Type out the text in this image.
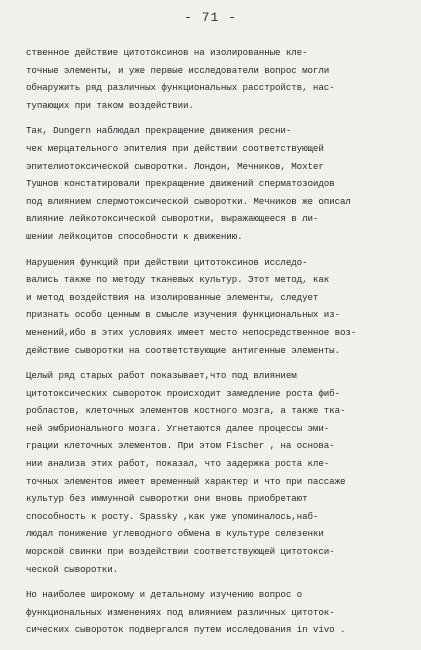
- 71 -
ственное действие цитотоксинов на изолированные кле-
точные элементы, и уже первые исследователи вопрос могли
обнаружить ряд различных функциональных расстройств, нас-
тупающих при таком воздействии.
Так, Dungern наблюдал прекращение движения ресни-
чек мерцательного эпителия при действии соответствующей
эпителиотоксической сыворотки. Лондон, Мечников, Moxter
Тушнов констатировали прекращение движений сперматозоидов
под влиянием спермотоксической сыворотки. Мечников же описал
влияние лейкотоксической сыворотки, выражающееся в ли-
шении лейкоцитов способности к движению.
Нарушения функций при действии цитотоксинов исследо-
вались также по методу тканевых культур. Этот метод, как
и метод воздействия на изолированные элементы, следует
признать особо ценным в смысле изучения функциональных из-
менений,ибо в этих условиях имеет место непосредственное воз-
действие сыворотки на соответствующие антигенные элементы.
Целый ряд старых работ показывает,что под влиянием
цитотоксических сывороток происходит замедление роста фиб-
робластов, клеточных элементов костного мозга, а также тка-
ней эмбрионального мозга. Угнетаются далее процессы эми-
грации клеточных элементов. При этом Fischer , на основа-
нии анализа этих работ, показал, что задержка роста кле-
точных элементов имеет временный характер и что при пассаже
культур без иммунной сыворотки они вновь приобретают
способность к росту. Spassky ,как уже упоминалось,наб-
людал понижение углеводного обмена в культуре селезенки
морской свинки при воздействии соответствующей цитотокси-
ческой сыворотки.
Но наиболее широкому и детальному изучению вопрос о
функциональных изменениях под влиянием различных цитоток-
сических сывороток подвергался путем исследования in vivo .
